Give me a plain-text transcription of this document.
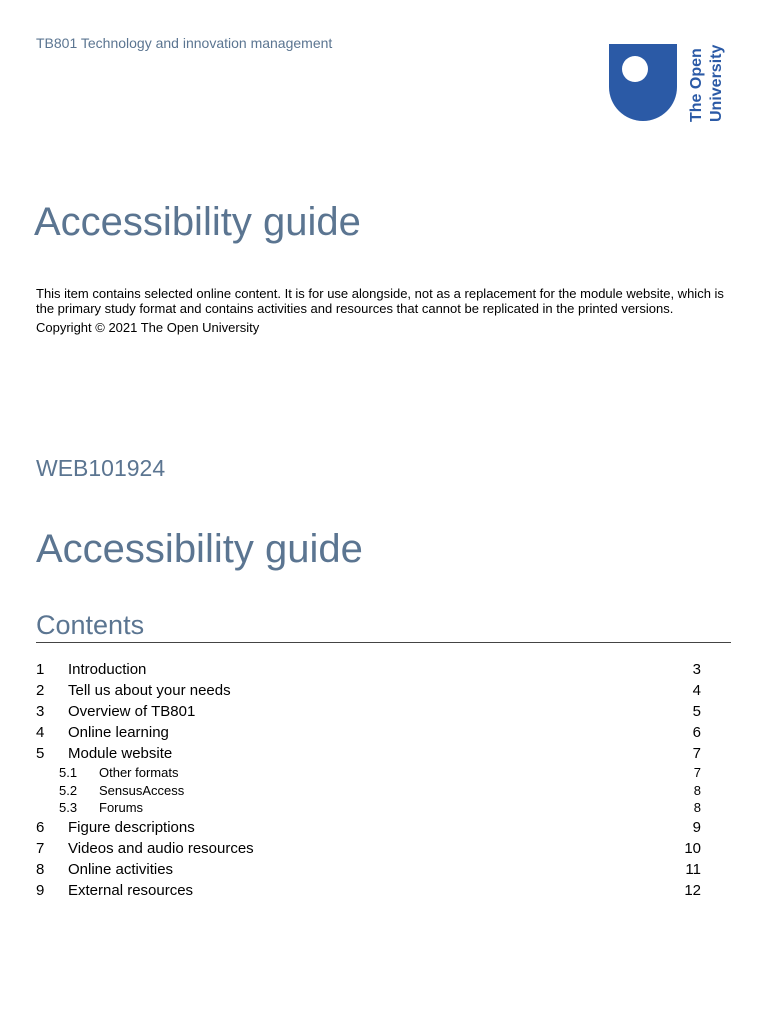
TB801 Technology and innovation management
The Open University
Accessibility guide
This item contains selected online content. It is for use alongside, not as a replacement for the module website, which is the primary study format and contains activities and resources that cannot be replicated in the printed versions.
Copyright © 2021 The Open University
WEB101924
Accessibility guide
Contents
1 Introduction	3
2 Tell us about your needs	4
3 Overview of TB801	5
4 Online learning	6
5 Module website	7
5.1 Other formats	7
5.2 SensusAccess	8
5.3 Forums	8
6 Figure descriptions	9
7 Videos and audio resources	10
8 Online activities	11
9 External resources	12
